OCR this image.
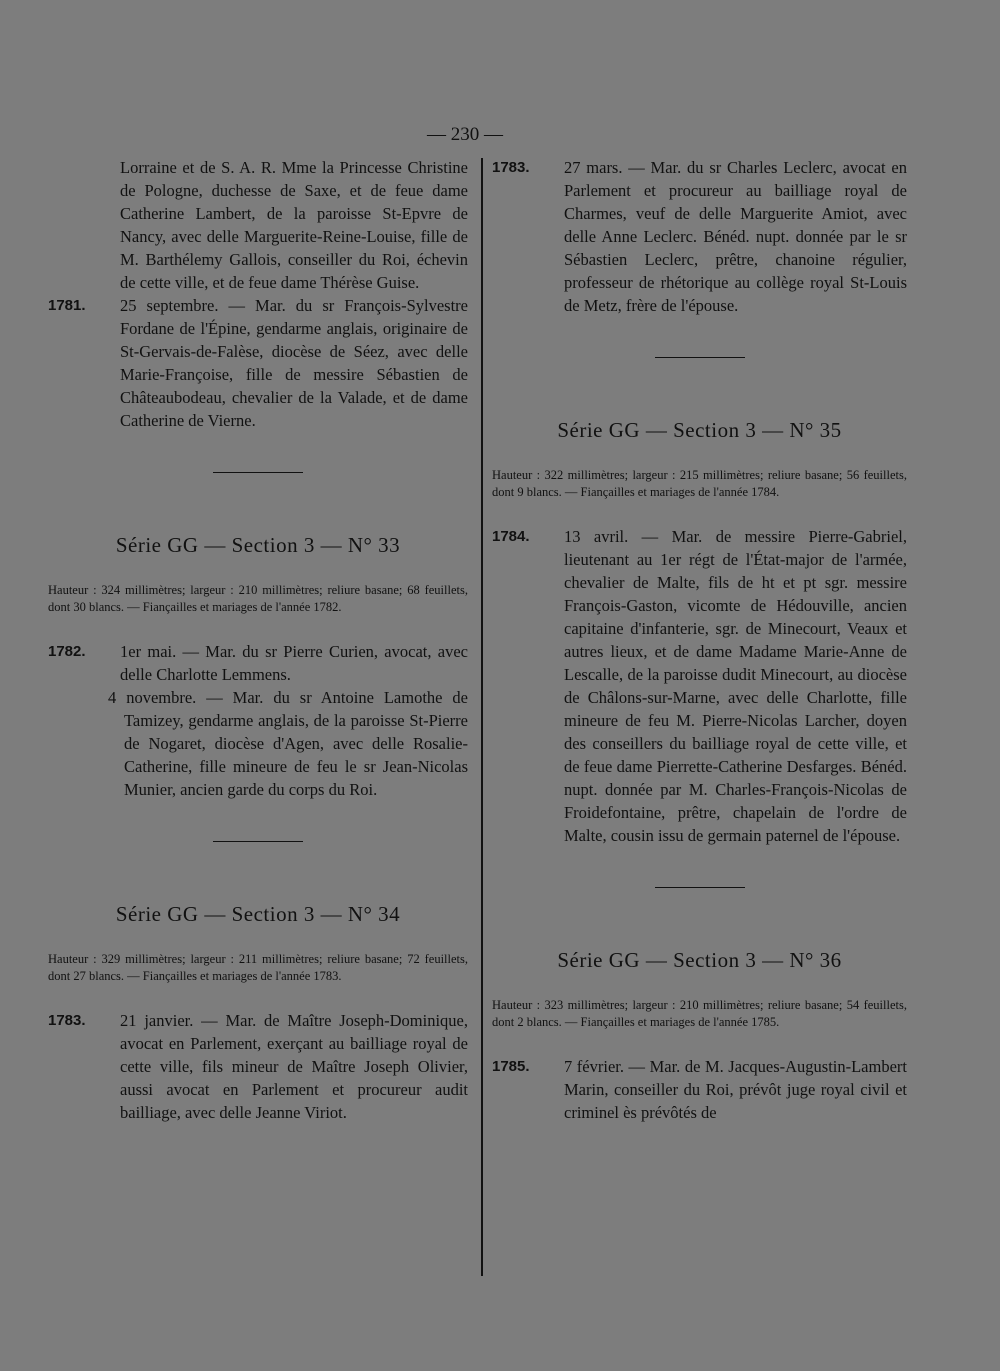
— 230 —
Lorraine et de S. A. R. Mme la Princesse Christine de Pologne, duchesse de Saxe, et de feue dame Catherine Lambert, de la paroisse St-Epvre de Nancy, avec delle Marguerite-Reine-Louise, fille de M. Barthélemy Gallois, conseiller du Roi, échevin de cette ville, et de feue dame Thérèse Guise.
1781.	25 septembre. — Mar. du sr François-Sylvestre Fordane de l'Épine, gendarme anglais, originaire de St-Gervais-de-Falèse, diocèse de Séez, avec delle Marie-Françoise, fille de messire Sébastien de Châteaubodeau, chevalier de la Valade, et de dame Catherine de Vierne.
Série GG — Section 3 — N° 33
Hauteur : 324 millimètres; largeur : 210 millimètres; reliure basane; 68 feuillets, dont 30 blancs. — Fiançailles et mariages de l'année 1782.
1782.	1er mai. — Mar. du sr Pierre Curien, avocat, avec delle Charlotte Lemmens.
4 novembre. — Mar. du sr Antoine Lamothe de Tamizey, gendarme anglais, de la paroisse St-Pierre de Nogaret, diocèse d'Agen, avec delle Rosalie-Catherine, fille mineure de feu le sr Jean-Nicolas Munier, ancien garde du corps du Roi.
Série GG — Section 3 — N° 34
Hauteur : 329 millimètres; largeur : 211 millimètres; reliure basane; 72 feuillets, dont 27 blancs. — Fiançailles et mariages de l'année 1783.
1783.	21 janvier. — Mar. de Maître Joseph-Dominique, avocat en Parlement, exerçant au bailliage royal de cette ville, fils mineur de Maître Joseph Olivier, aussi avocat en Parlement et procureur audit bailliage, avec delle Jeanne Viriot.
1783.	27 mars. — Mar. du sr Charles Leclerc, avocat en Parlement et procureur au bailliage royal de Charmes, veuf de delle Marguerite Amiot, avec delle Anne Leclerc. Bénéd. nupt. donnée par le sr Sébastien Leclerc, prêtre, chanoine régulier, professeur de rhétorique au collège royal St-Louis de Metz, frère de l'épouse.
Série GG — Section 3 — N° 35
Hauteur : 322 millimètres; largeur : 215 millimètres; reliure basane; 56 feuillets, dont 9 blancs. — Fiançailles et mariages de l'année 1784.
1784.	13 avril. — Mar. de messire Pierre-Gabriel, lieutenant au 1er régt de l'État-major de l'armée, chevalier de Malte, fils de ht et pt sgr. messire François-Gaston, vicomte de Hédouville, ancien capitaine d'infanterie, sgr. de Minecourt, Veaux et autres lieux, et de dame Madame Marie-Anne de Lescalle, de la paroisse dudit Minecourt, au diocèse de Châlons-sur-Marne, avec delle Charlotte, fille mineure de feu M. Pierre-Nicolas Larcher, doyen des conseillers du bailliage royal de cette ville, et de feue dame Pierrette-Catherine Desfarges. Bénéd. nupt. donnée par M. Charles-François-Nicolas de Froidefontaine, prêtre, chapelain de l'ordre de Malte, cousin issu de germain paternel de l'épouse.
Série GG — Section 3 — N° 36
Hauteur : 323 millimètres; largeur : 210 millimètres; reliure basane; 54 feuillets, dont 2 blancs. — Fiançailles et mariages de l'année 1785.
1785.	7 février. — Mar. de M. Jacques-Augustin-Lambert Marin, conseiller du Roi, prévôt juge royal civil et criminel ès prévôtés de
